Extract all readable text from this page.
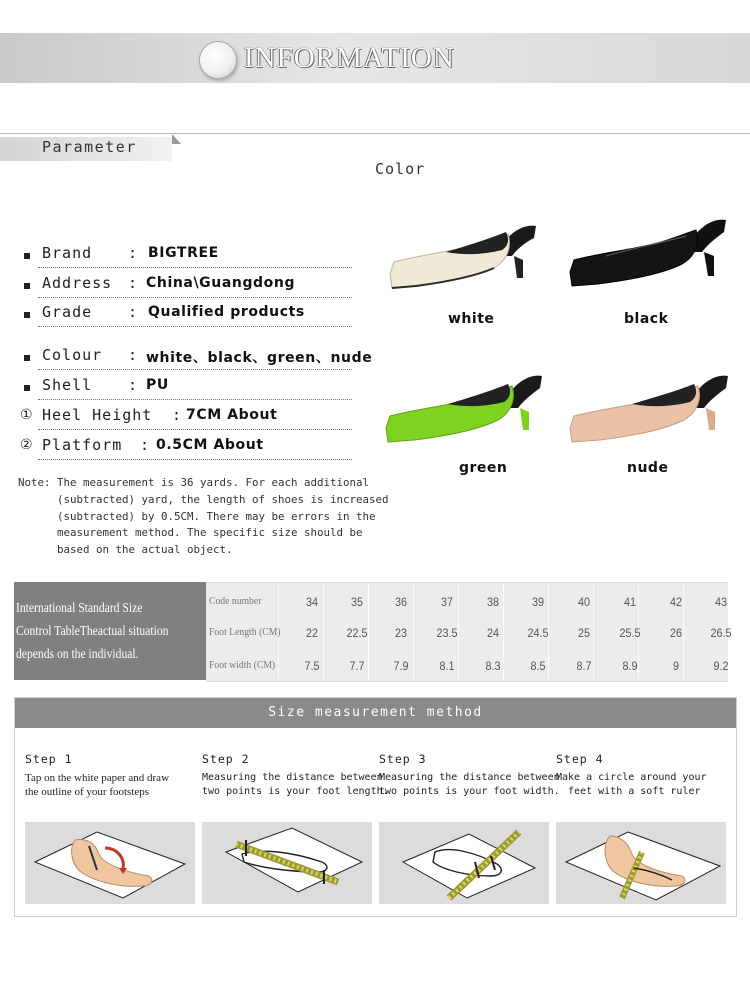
INFORMATION
Parameter
Color
Brand : BIGTREE
Address : China\Guangdong
Grade : Qualified products
Colour : white、black、green、nude
Shell : PU
① Heel Height : 7CM About
② Platform : 0.5CM About
Note: The measurement is 36 yards. For each additional
(subtracted) yard, the length of shoes is increased
(subtracted) by 0.5CM. There may be errors in the
measurement method. The specific size should be
based on the actual object.
white	black
green	nude
International Standard Size
Control TableTheactual situation
depends on the individual.
Code number	34	35	36	37	38	39	40	41	42	43
Foot Length (CM)	22	22.5	23	23.5	24	24.5	25	25.5	26	26.5
Foot width (CM)	7.5	7.7	7.9	8.1	8.3	8.5	8.7	8.9	9	9.2
Size measurement method
Step 1
Tap on the white paper and draw
the outline of your footsteps
Step 2
Measuring the distance between
two points is your foot length.
Step 3
Measuring the distance between
two points is your foot width.
Step 4
Make a circle around your
feet with a soft ruler
